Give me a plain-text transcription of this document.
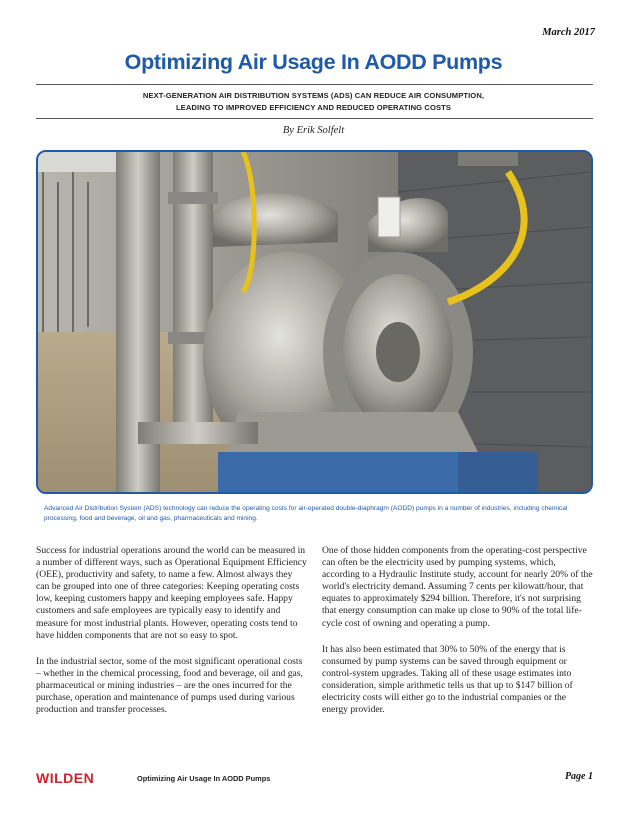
March 2017
Optimizing Air Usage In AODD Pumps
NEXT-GENERATION AIR DISTRIBUTION SYSTEMS (ADS) CAN REDUCE AIR CONSUMPTION,
LEADING TO IMPROVED EFFICIENCY AND REDUCED OPERATING COSTS
By Erik Solfelt
Advanced Air Distribution System (ADS) technology can reduce the operating costs for air-operated double-diaphragm (AODD) pumps in a number of industries, including chemical processing, food and beverage, oil and gas, pharmaceuticals and mining.

Success for industrial operations around the world can be measured in a number of different ways, such as Operational Equipment Efficiency (OEE), productivity and safety, to name a few. Almost always they can be grouped into one of three categories: Keeping operating costs low, keeping customers happy and keeping employees safe. Happy customers and safe employees are typically easy to identify and measure for most industrial plants. However, operating costs tend to have hidden components that are not so easy to spot.

In the industrial sector, some of the most significant operational costs – whether in the chemical processing, food and beverage, oil and gas, pharmaceutical or mining industries – are the ones incurred for the purchase, operation and maintenance of pumps used during various production and transfer processes.

One of those hidden components from the operating-cost perspective can often be the electricity used by pumping systems, which, according to a Hydraulic Institute study, account for nearly 20% of the world's electricity demand. Assuming 7 cents per kilowatt/hour, that equates to approximately $294 billion. Therefore, it's not surprising that energy consumption can make up close to 90% of the total life-cycle cost of owning and operating a pump.

It has also been estimated that 30% to 50% of the energy that is consumed by pump systems can be saved through equipment or control-system upgrades. Taking all of these usage estimates into consideration, simple arithmetic tells us that up to $147 billion of electricity costs will either go to the industrial companies or the energy provider.

WILDEN	Optimizing Air Usage In AODD Pumps	Page 1
